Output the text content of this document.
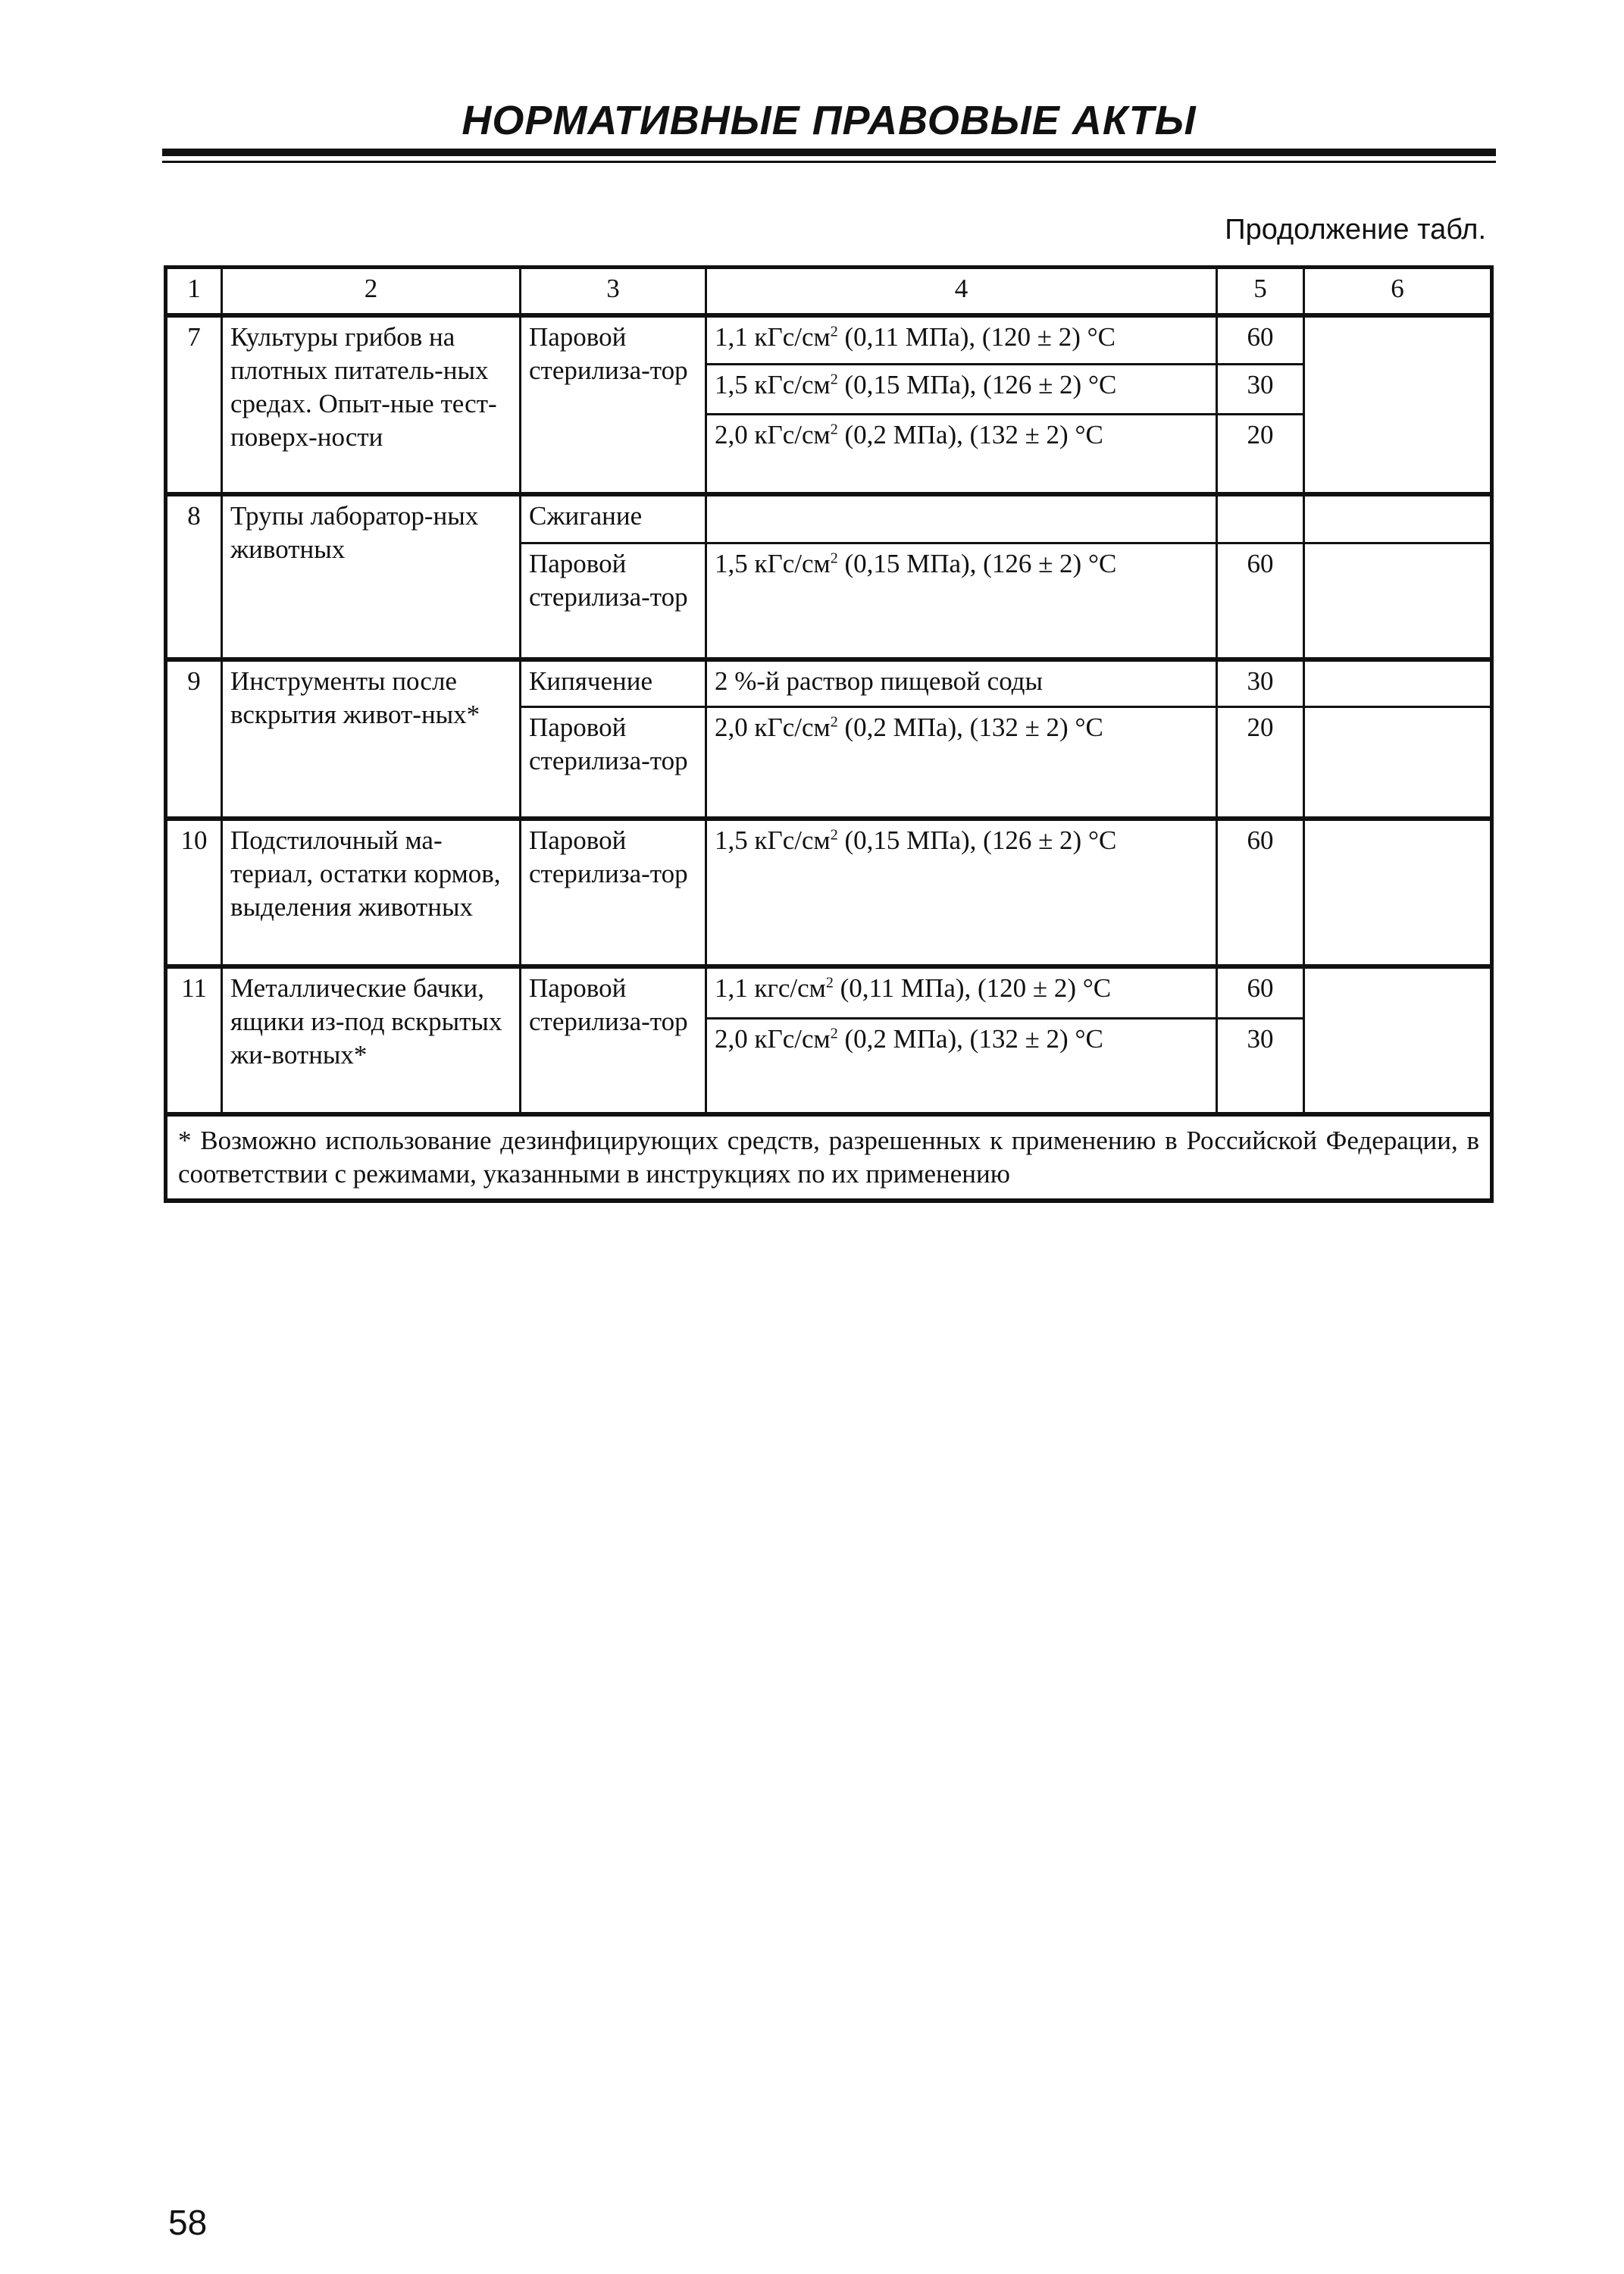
НОРМАТИВНЫЕ ПРАВОВЫЕ АКТЫ
Продолжение табл.
1	2	3	4	5	6
7	Культуры грибов на плотных питатель-ных средах. Опыт-ные тест-поверх-ности	Паровой стерилиза-тор	1,1 кГс/$см^2$ (0,11 МПа), (120 ± 2) °C	60	
			1,5 кГс/$см^2$ (0,15 МПа), (126 ± 2) °C	30	
			2,0 кГс/$см^2$ (0,2 МПа), (132 ± 2) °C	20	
8	Трупы лаборатор-ных животных	Сжигание			
		Паровой стерилиза-тор	1,5 кГс/$см^2$ (0,15 МПа), (126 ± 2) °C	60	
9	Инструменты после вскрытия живот-ных*	Кипячение	2 %-й раствор пищевой соды	30	
		Паровой стерилиза-тор	2,0 кГс/$см^2$ (0,2 МПа), (132 ± 2) °C	20	
10	Подстилочный ма-териал, остатки кормов, выделения животных	Паровой стерилиза-тор	1,5 кГс/$см^2$ (0,15 МПа), (126 ± 2) °C	60	
11	Металлические бачки, ящики из-под вскрытых жи-вотных*	Паровой стерилиза-тор	1,1 кгс/$см^2$ (0,11 МПа), (120 ± 2) °C	60	
			2,0 кГс/$см^2$ (0,2 МПа), (132 ± 2) °C	30	
* Возможно использование дезинфицирующих средств, разрешенных к применению в Российской Федерации, в соответствии с режимами, указанными в инструкциях по их применению					
58
